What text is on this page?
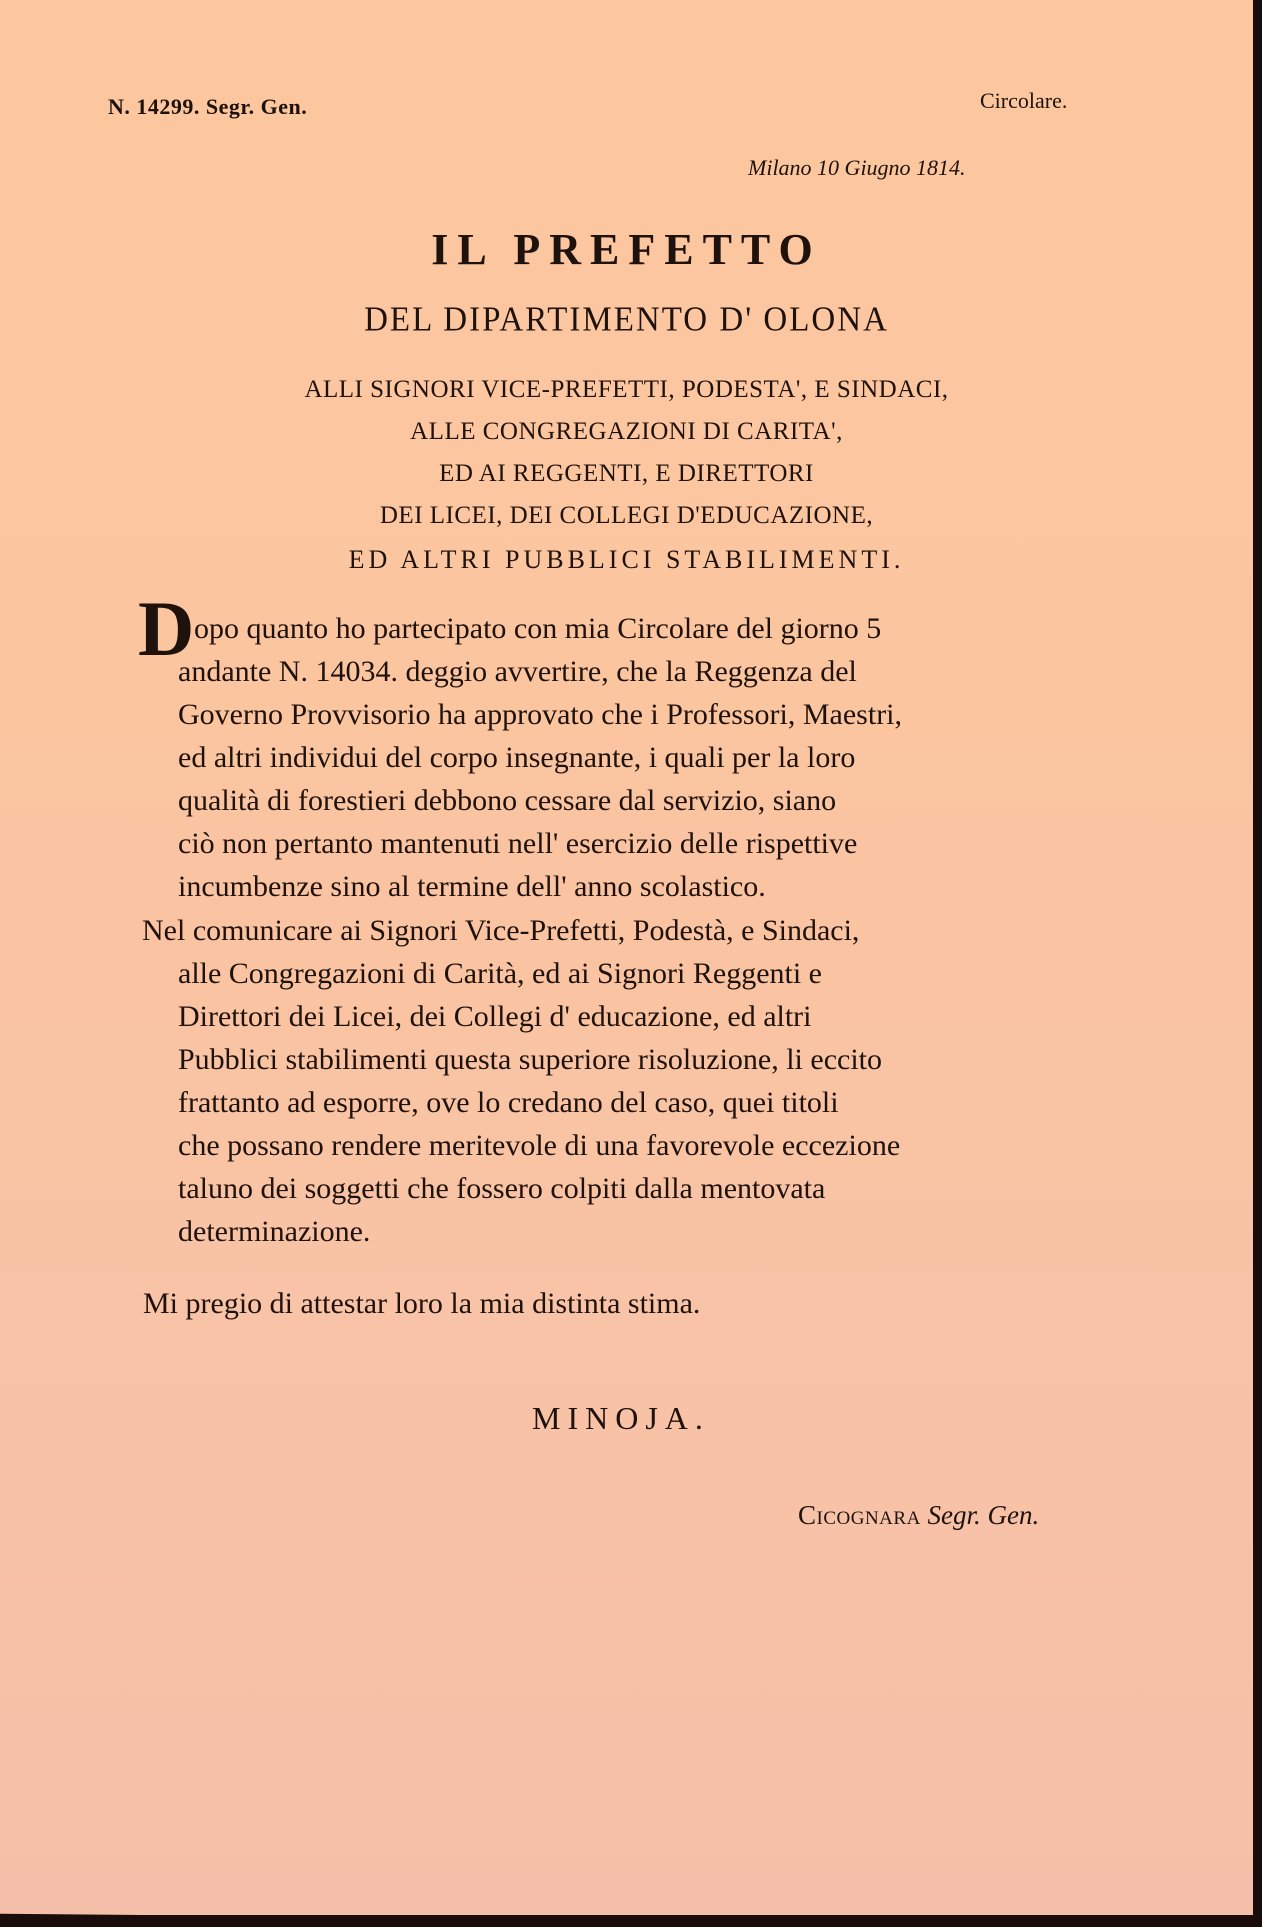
N. 14299. Segr. Gen.	Circolare.
Milano 10 Giugno 1814.
IL PREFETTO
DEL DIPARTIMENTO D' OLONA
ALLI SIGNORI VICE-PREFETTI, PODESTA', E SINDACI,
ALLE CONGREGAZIONI DI CARITA',
ED AI REGGENTI, E DIRETTORI
DEI LICEI, DEI COLLEGI D'EDUCAZIONE,
ED ALTRI PUBBLICI STABILIMENTI.
D opo quanto ho partecipato con mia Circolare del giorno 5
andante N. 14034. deggio avvertire, che la Reggenza del
Governo Provvisorio ha approvato che i Professori, Maestri,
ed altri individui del corpo insegnante, i quali per la loro
qualità di forestieri debbono cessare dal servizio, siano
ciò non pertanto mantenuti nell' esercizio delle rispettive
incumbenze sino al termine dell' anno scolastico.
Nel comunicare ai Signori Vice-Prefetti, Podestà, e Sindaci,
alle Congregazioni di Carità, ed ai Signori Reggenti e
Direttori dei Licei, dei Collegi d' educazione, ed altri
Pubblici stabilimenti questa superiore risoluzione, li eccito
frattanto ad esporre, ove lo credano del caso, quei titoli
che possano rendere meritevole di una favorevole eccezione
taluno dei soggetti che fossero colpiti dalla mentovata
determinazione.
Mi pregio di attestar loro la mia distinta stima.
MINOJA.
Cicognara Segr. Gen.
